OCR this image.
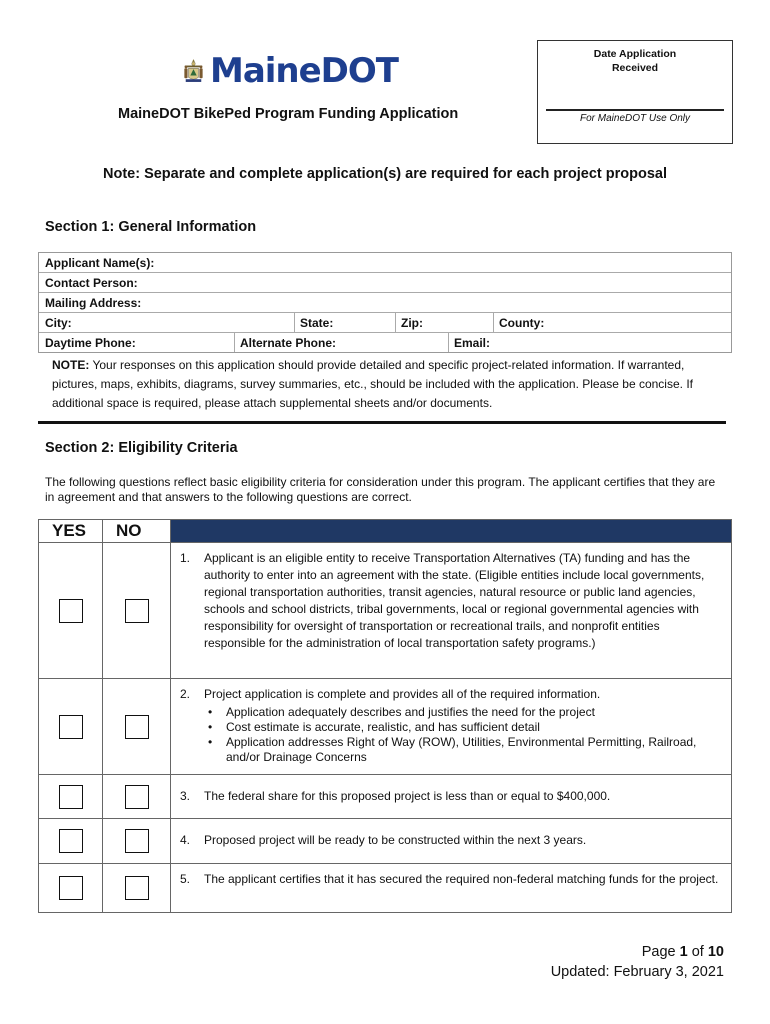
MaineDOT
MaineDOT BikePed Program Funding Application
Date Application
Received
For MaineDOT Use Only
Note: Separate and complete application(s) are required for each project proposal
Section 1: General Information
Applicant Name(s):
Contact Person:
Mailing Address:
City:	State:	Zip:	County:
Daytime Phone:	Alternate Phone:	Email:
NOTE: Your responses on this application should provide detailed and specific project-related information. If warranted, pictures, maps, exhibits, diagrams, survey summaries, etc., should be included with the application. Please be concise. If additional space is required, please attach supplemental sheets and/or documents.
Section 2: Eligibility Criteria
The following questions reflect basic eligibility criteria for consideration under this program. The applicant certifies that they are in agreement and that answers to the following questions are correct.
YES	NO
1. Applicant is an eligible entity to receive Transportation Alternatives (TA) funding and has the authority to enter into an agreement with the state. (Eligible entities include local governments, regional transportation authorities, transit agencies, natural resource or public land agencies, schools and school districts, tribal governments, local or regional governmental agencies with responsibility for oversight of transportation or recreational trails, and nonprofit entities responsible for the administration of local transportation safety programs.)
2. Project application is complete and provides all of the required information.
• Application adequately describes and justifies the need for the project
• Cost estimate is accurate, realistic, and has sufficient detail
• Application addresses Right of Way (ROW), Utilities, Environmental Permitting, Railroad, and/or Drainage Concerns
3. The federal share for this proposed project is less than or equal to $400,000.
4. Proposed project will be ready to be constructed within the next 3 years.
5. The applicant certifies that it has secured the required non-federal matching funds for the project.
Page 1 of 10
Updated: February 3, 2021
